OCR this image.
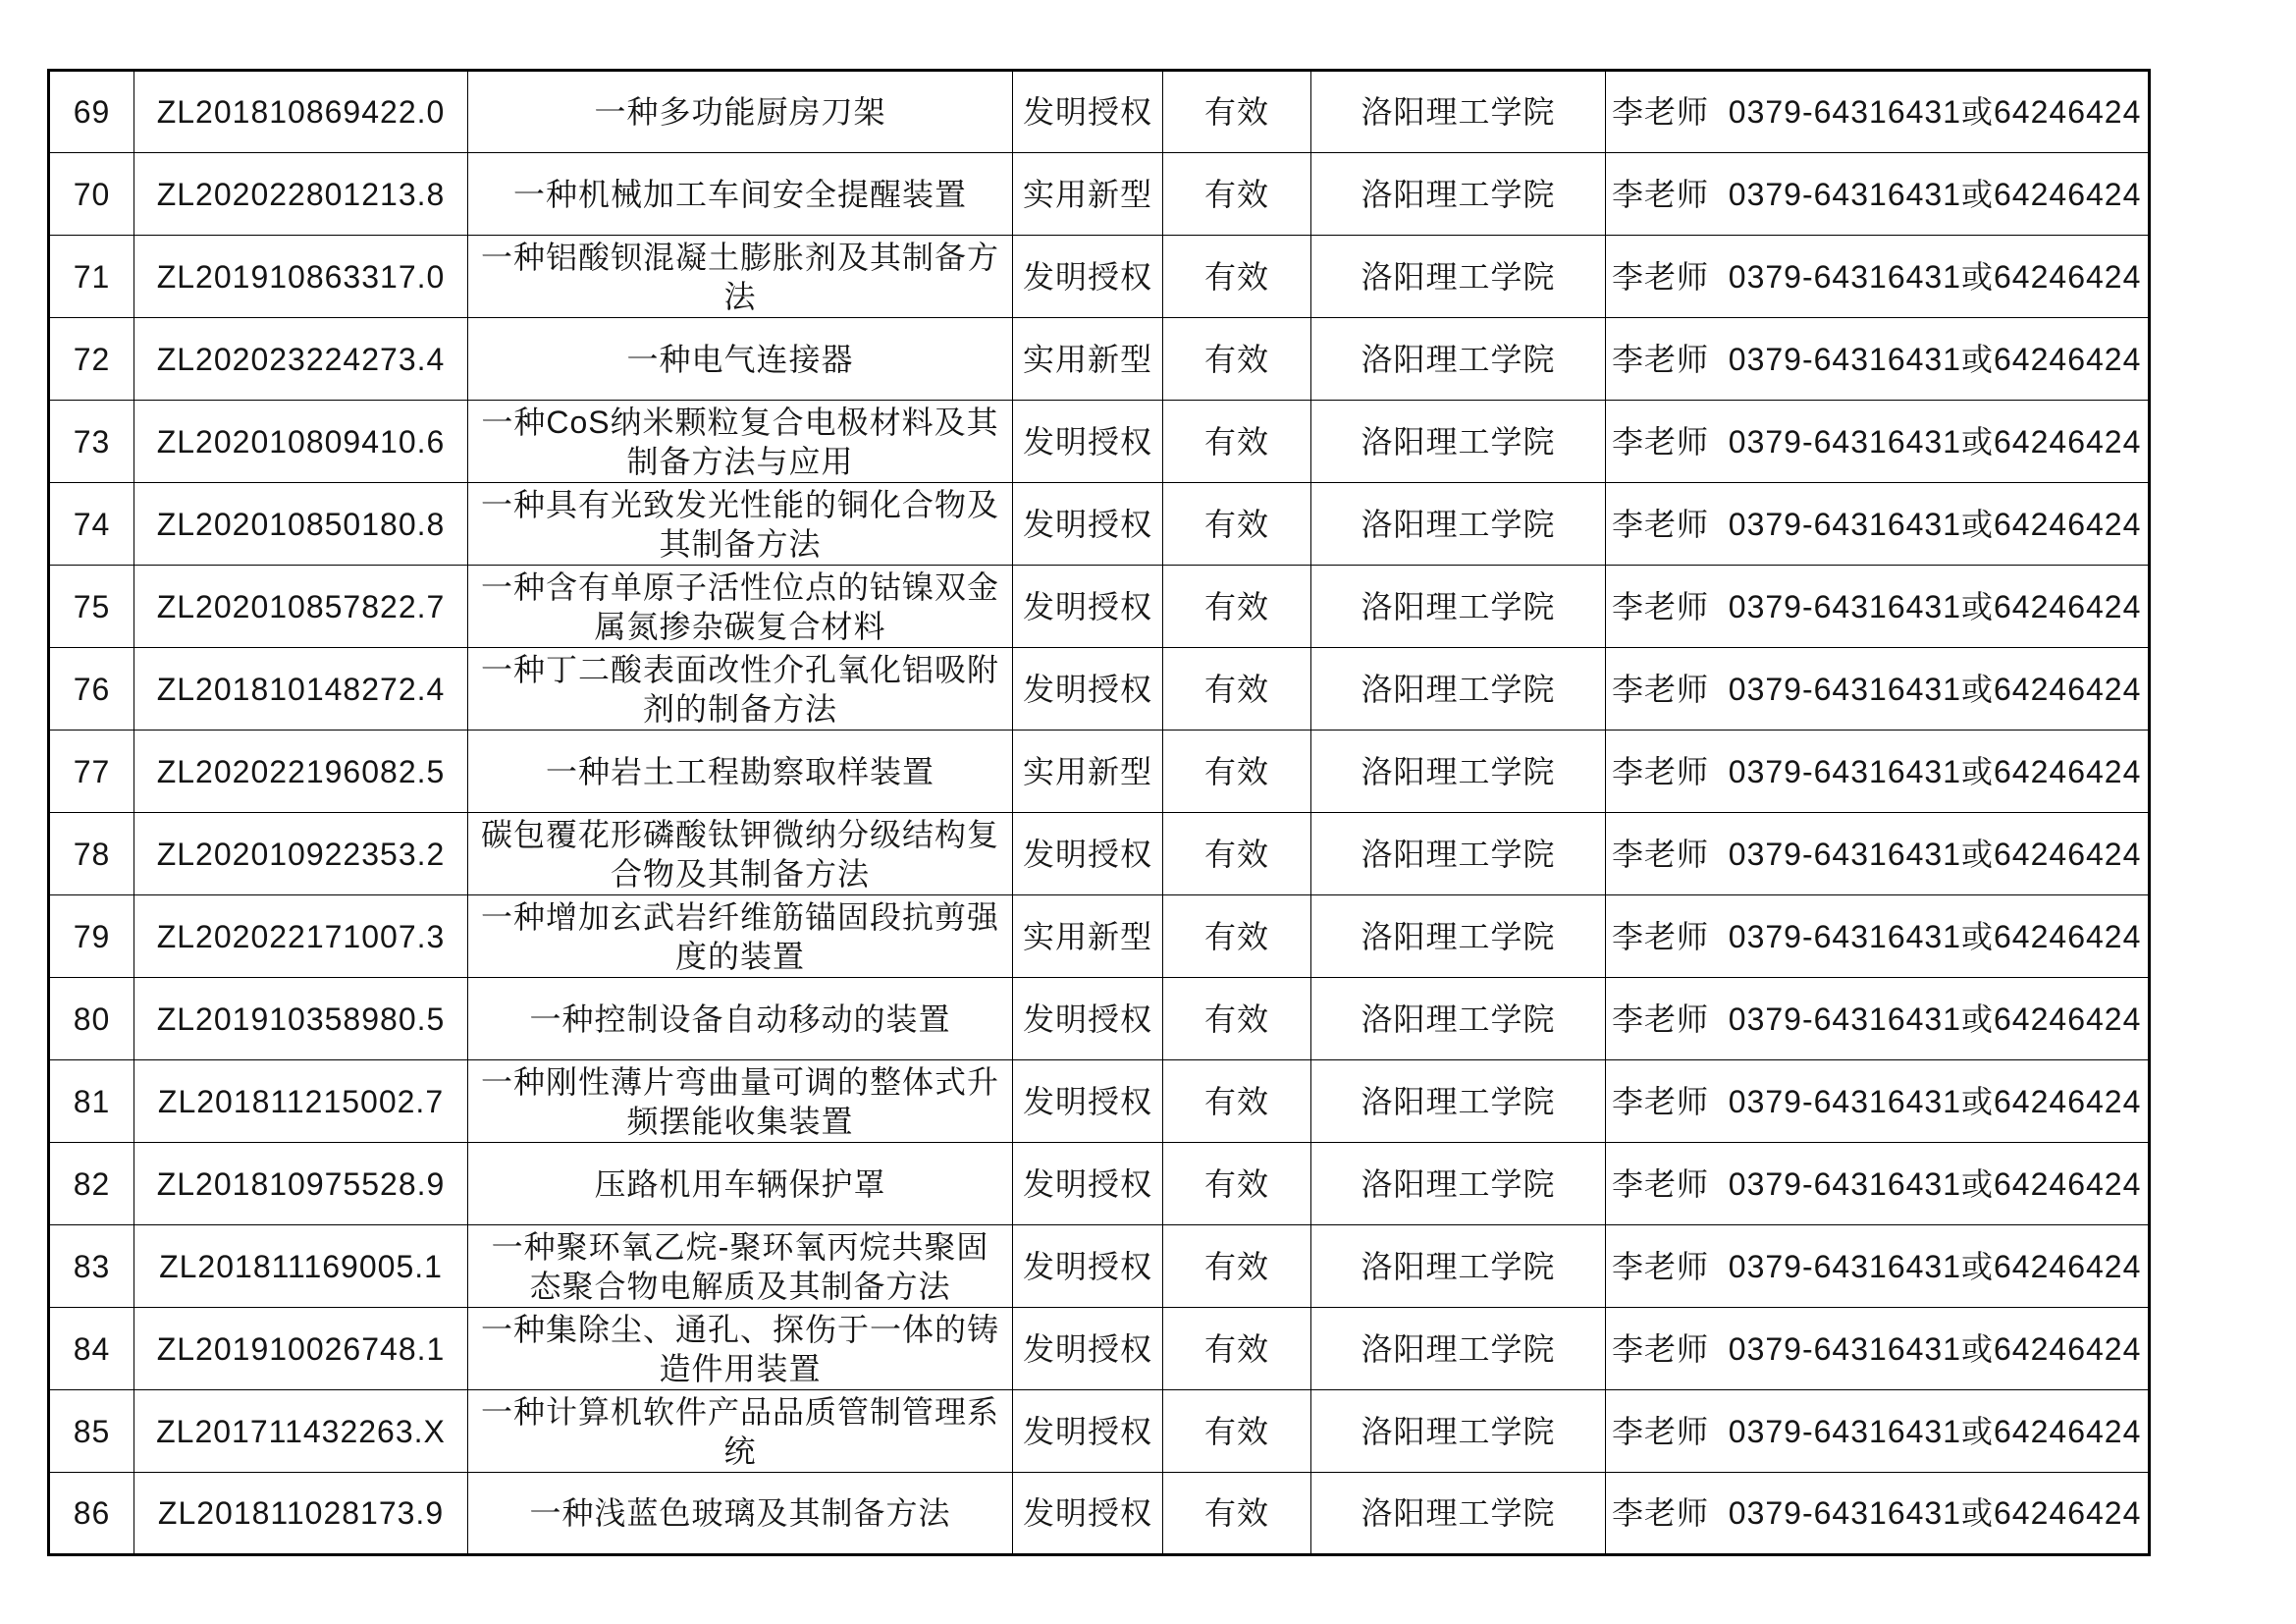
69	ZL201810869422.0	一种多功能厨房刀架	发明授权	有效	洛阳理工学院	李老师  0379-64316431或64246424
70	ZL202022801213.8	一种机械加工车间安全提醒装置	实用新型	有效	洛阳理工学院	李老师  0379-64316431或64246424
71	ZL201910863317.0	一种铝酸钡混凝土膨胀剂及其制备方法	发明授权	有效	洛阳理工学院	李老师  0379-64316431或64246424
72	ZL202023224273.4	一种电气连接器	实用新型	有效	洛阳理工学院	李老师  0379-64316431或64246424
73	ZL202010809410.6	一种CoS纳米颗粒复合电极材料及其制备方法与应用	发明授权	有效	洛阳理工学院	李老师  0379-64316431或64246424
74	ZL202010850180.8	一种具有光致发光性能的铜化合物及其制备方法	发明授权	有效	洛阳理工学院	李老师  0379-64316431或64246424
75	ZL202010857822.7	一种含有单原子活性位点的钴镍双金属氮掺杂碳复合材料	发明授权	有效	洛阳理工学院	李老师  0379-64316431或64246424
76	ZL201810148272.4	一种丁二酸表面改性介孔氧化铝吸附剂的制备方法	发明授权	有效	洛阳理工学院	李老师  0379-64316431或64246424
77	ZL202022196082.5	一种岩土工程勘察取样装置	实用新型	有效	洛阳理工学院	李老师  0379-64316431或64246424
78	ZL202010922353.2	碳包覆花形磷酸钛钾微纳分级结构复合物及其制备方法	发明授权	有效	洛阳理工学院	李老师  0379-64316431或64246424
79	ZL202022171007.3	一种增加玄武岩纤维筋锚固段抗剪强度的装置	实用新型	有效	洛阳理工学院	李老师  0379-64316431或64246424
80	ZL201910358980.5	一种控制设备自动移动的装置	发明授权	有效	洛阳理工学院	李老师  0379-64316431或64246424
81	ZL201811215002.7	一种刚性薄片弯曲量可调的整体式升频摆能收集装置	发明授权	有效	洛阳理工学院	李老师  0379-64316431或64246424
82	ZL201810975528.9	压路机用车辆保护罩	发明授权	有效	洛阳理工学院	李老师  0379-64316431或64246424
83	ZL201811169005.1	一种聚环氧乙烷-聚环氧丙烷共聚固态聚合物电解质及其制备方法	发明授权	有效	洛阳理工学院	李老师  0379-64316431或64246424
84	ZL201910026748.1	一种集除尘、通孔、探伤于一体的铸造件用装置	发明授权	有效	洛阳理工学院	李老师  0379-64316431或64246424
85	ZL201711432263.X	一种计算机软件产品品质管制管理系统	发明授权	有效	洛阳理工学院	李老师  0379-64316431或64246424
86	ZL201811028173.9	一种浅蓝色玻璃及其制备方法	发明授权	有效	洛阳理工学院	李老师  0379-64316431或64246424
